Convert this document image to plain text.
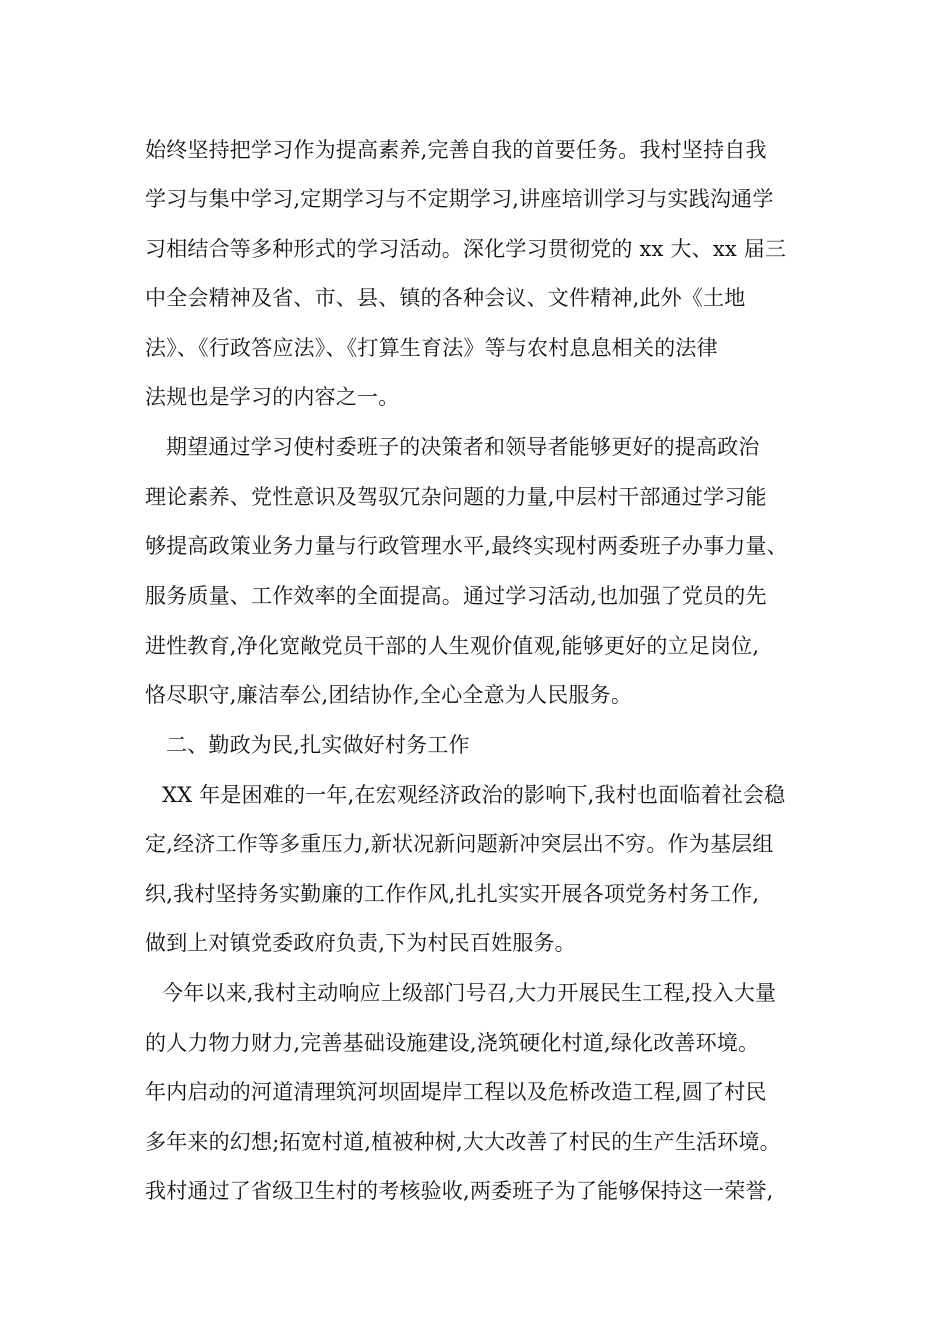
始终坚持把学习作为提高素养,完善自我的首要任务。我村坚持自我
学习与集中学习,定期学习与不定期学习,讲座培训学习与实践沟通学
习相结合等多种形式的学习活动。深化学习贯彻党的 xx 大、xx 届三
中全会精神及省、市、县、镇的各种会议、文件精神,此外《土地
法》、《行政答应法》、《打算生育法》等与农村息息相关的法律
法规也是学习的内容之一。
期望通过学习使村委班子的决策者和领导者能够更好的提高政治
理论素养、党性意识及驾驭冗杂问题的力量,中层村干部通过学习能
够提高政策业务力量与行政管理水平,最终实现村两委班子办事力量、
服务质量、工作效率的全面提高。通过学习活动,也加强了党员的先
进性教育,净化宽敞党员干部的人生观价值观,能够更好的立足岗位,
恪尽职守,廉洁奉公,团结协作,全心全意为人民服务。
二、勤政为民,扎实做好村务工作
XX 年是困难的一年,在宏观经济政治的影响下,我村也面临着社会稳
定,经济工作等多重压力,新状况新问题新冲突层出不穷。作为基层组
织,我村坚持务实勤廉的工作作风,扎扎实实开展各项党务村务工作,
做到上对镇党委政府负责,下为村民百姓服务。
今年以来,我村主动响应上级部门号召,大力开展民生工程,投入大量
的人力物力财力,完善基础设施建设,浇筑硬化村道,绿化改善环境。
年内启动的河道清理筑河坝固堤岸工程以及危桥改造工程,圆了村民
多年来的幻想;拓宽村道,植被种树,大大改善了村民的生产生活环境。
我村通过了省级卫生村的考核验收,两委班子为了能够保持这一荣誉,
